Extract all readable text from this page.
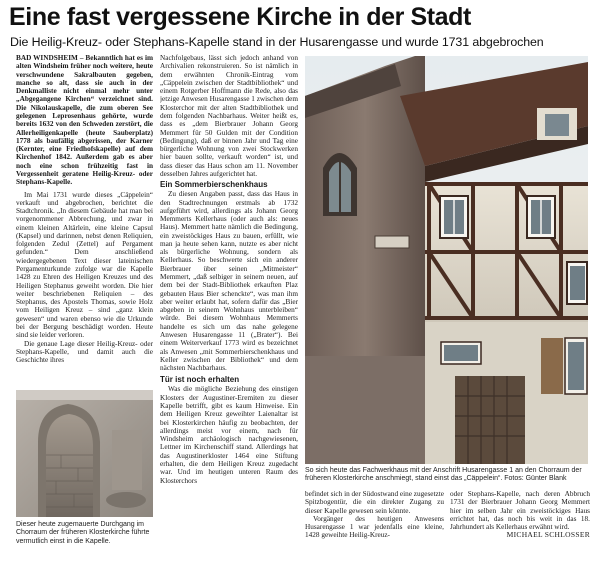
Eine fast vergessene Kirche in der Stadt
Die Heilig-Kreuz- oder Stephans-Kapelle stand in der Husarengasse und wurde 1731 abgebrochen

BAD WINDSHEIM – Bekanntlich hat es im alten Windsheim früher noch weitere, heute verschwundene Sakralbauten gegeben, manche so alt, dass sie auch in der Denkmalliste nicht einmal mehr unter „Abgegangene Kirchen“ verzeichnet sind. Die Nikolauskapelle, die zum oberen See gelegenen Leprosenhaus gehörte, wurde bereits 1632 von den Schweden zerstört, die Allerheiligenkapelle (heute Sauberplatz) 1778 als baufällig abgerissen, der Karner (Kernter, eine Friedhofskapelle) auf dem Kirchenhof 1842. Außerdem gab es aber noch eine schon frühzeitig fast in Vergessenheit geratene Heilig-Kreuz- oder Stephans-Kapelle.

Im Mai 1731 wurde dieses „Cäppelein“ verkauft und abgebrochen, berichtet die Stadtchronik. „In diesem Gebäude hat man bei vorgenommener Abbrechung, und zwar in einem kleinen Altärlein, eine kleine Capsul (Kapsel) und darinnen, nebst denen Reliquien, folgenden Zedul (Zettel) auf Pergament gefunden.“ Dem anschließend wiedergegebenen Text dieser lateinischen Pergamenturkunde zufolge war die Kapelle 1428 zu Ehren des Heiligen Kreuzes und des Heiligen Stephanus geweiht worden. Die hier weiter beschriebenen Reliquien – des Stephanus, des Apostels Thomas, sowie Holz vom Heiligen Kreuz – sind „ganz klein gewesen“ und waren ebenso wie die Urkunde bei der Bergung beschädigt worden. Heute sind sie leider verloren.

Die genaue Lage dieser Heilig-Kreuz- oder Stephans-Kapelle, und damit auch die Geschichte ihres

Dieser heute zugemauerte Durchgang im Chorraum der früheren Klosterkirche führte vermutlich einst in die Kapelle.

Nachfolgebaus, lässt sich jedoch anhand von Archivalien rekonstruieren. So ist nämlich in dem erwähnten Chronik-Eintrag vom „Cäppelein zwischen der Stadtbibliothek“ und einem Rotgerber Hoffmann die Rede, also das jetzige Anwesen Husarengasse 1 zwischen dem Klosterchor mit der alten Stadtbibliothek und dem folgenden Nachbarhaus. Weiter heißt es, dass es „dem Bierbrauer Johann Georg Memmert für 50 Gulden mit der Condition (Bedingung), daß er binnen Jahr und Tag eine bürgerliche Wohnung von zwei Stockwerken hier bauen sollte, verkauft worden“ ist, und dass dieser das Haus schon am 11. November desselben Jahres aufgerichtet hat.

Ein Sommerbierschenkhaus

Zu diesen Angaben passt, dass das Haus in den Stadtrechnungen erstmals ab 1732 aufgeführt wird, allerdings als Johann Georg Memmerts Kellerhaus (oder auch als: neues Haus). Memmert hatte nämlich die Bedingung, ein zweistöckiges Haus zu bauen, erfüllt, wie man ja heute sehen kann, nutzte es aber nicht als bürgerliche Wohnung, sondern als Kellerhaus. So beschwerte sich ein anderer Bierbrauer über seinen „Mitmeister“ Memmert, „daß selbiger in seinem neuen, auf dem bei der Stadt-Bibliothek erkauften Plaz gebauten Haus Bier schenckte“, was man ihm aber weiter erlaubt hat, sofern dafür das „Bier abgeben in seinem Wohnhaus unterbleiben“ würde. Bei diesem Wohnhaus Memmerts handelte es sich um das nahe gelegene Anwesen Husarengasse 11 („Brater“). Bei einem Weiterverkauf 1773 wird es bezeichnet als Anwesen „mit Sommerbierschenkhaus und Keller zwischen der Bibliothek“ und dem nächsten Nachbarhaus.

Tür ist noch erhalten

Was die mögliche Beziehung des einstigen Klosters der Augustiner-Eremiten zu dieser Kapelle betrifft, gibt es kaum Hinweise. Ein dem Heiligen Kreuz geweihter Laienaltar ist bei Klosterkirchen häufig zu beobachten, der allerdings meist vor einem, nach für Windsheim archäologisch nachgewiesenen, Lettner im Kirchenschiff stand. Allerdings hat das Augustinerkloster 1464 eine Stiftung erhalten, die dem Heiligen Kreuz zugedacht war. Und im heutigen unteren Raum des Klosterchors

So sich heute das Fachwerkhaus mit der Anschrift Husarengasse 1 an den Chorraum der früheren Klosterkirche anschmiegt, stand einst das „Cäppelein“. Fotos: Günter Blank

befindet sich in der Südostwand eine zugesetzte Spitzbogentür, die ein direkter Zugang zu dieser Kapelle gewesen sein könnte.

Vorgänger des heutigen Anwesens Husarengasse 1 war jedenfalls eine kleine, 1428 geweihte Heilig-Kreuz-

oder Stephans-Kapelle, nach deren Abbruch 1731 der Bierbrauer Johann Georg Memmert hier im selben Jahr ein zweistöckiges Haus errichtet hat, das noch bis weit in das 18. Jahrhundert als Kellerhaus erwähnt wird.

MICHAEL SCHLOSSER
